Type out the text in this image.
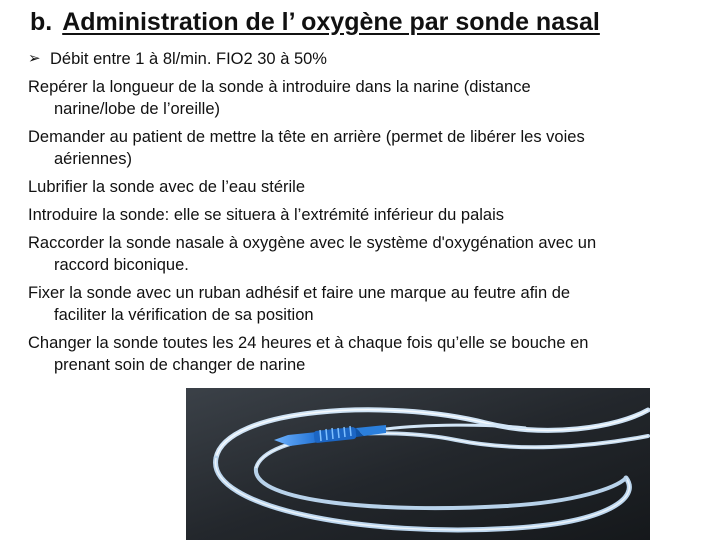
b. Administration de l’ oxygène par sonde nasal
➢ Débit entre 1 à 8l/min. FIO2 30 à 50%

Repérer la longueur de la sonde à introduire dans la narine (distance
narine/lobe de l’oreille)

Demander au patient de mettre la tête en arrière (permet de libérer les voies
aériennes)

Lubrifier la sonde avec de l’eau stérile

Introduire la sonde: elle se situera à l’extrémité inférieur du palais

Raccorder la sonde nasale à oxygène avec le système d'oxygénation avec un
raccord biconique.

Fixer la sonde avec un ruban adhésif et faire une marque au feutre afin de
faciliter la vérification de sa position

Changer la sonde toutes les 24 heures et à chaque fois qu’elle se bouche en
prenant soin de changer de narine
